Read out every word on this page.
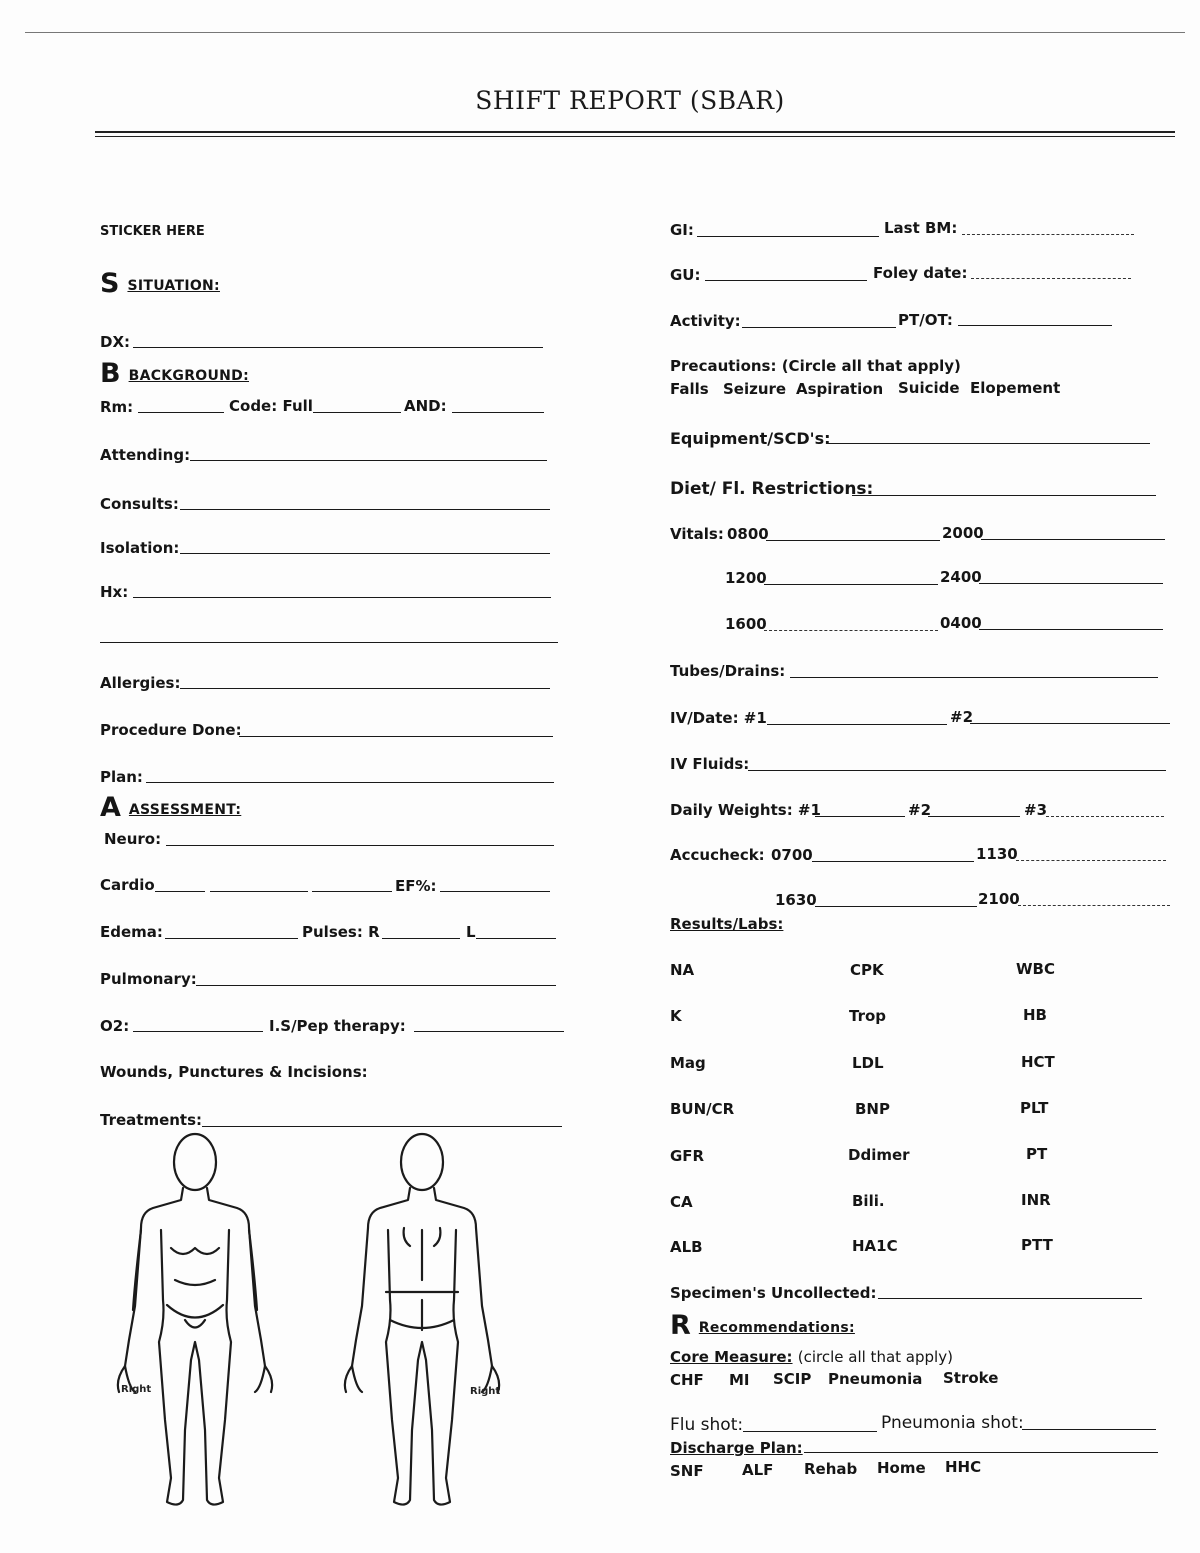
SHIFT REPORT (SBAR)
STICKER HERE
SSITUATION:
DX:
BBACKGROUND:
Rm:	Code: Full	AND:
Attending:
Consults:
Isolation:
Hx:
Allergies:
Procedure Done:
Plan:
AASSESSMENT:
Neuro:
Cardio	EF%:
Edema:	Pulses: R	L
Pulmonary:
O2:	I.S/Pep therapy:
Wounds, Punctures & Incisions:
Treatments:
Right	Right
GI:	Last BM:
GU:	Foley date:
Activity:	PT/OT:
Precautions: (Circle all that apply)
Falls Seizure Aspiration Suicide Elopement
Equipment/SCD's:
Diet/ Fl. Restrictions:
Vitals: 0800	2000
1200	2400
1600	0400
Tubes/Drains:
IV/Date: #1	#2
IV Fluids:
Daily Weights: #1	#2	#3
Accucheck: 0700	1130
1630	2100
Results/Labs:
NA	CPK	WBC
K	Trop	HB
Mag	LDL	HCT
BUN/CR	BNP	PLT
GFR	Ddimer	PT
CA	Bili.	INR
ALB	HA1C	PTT
Specimen's Uncollected:
R Recommendations:
Core Measure: (circle all that apply)
CHF MI SCIP Pneumonia Stroke
Flu shot:	Pneumonia shot:
Discharge Plan:
SNF	ALF Rehab Home HHC
